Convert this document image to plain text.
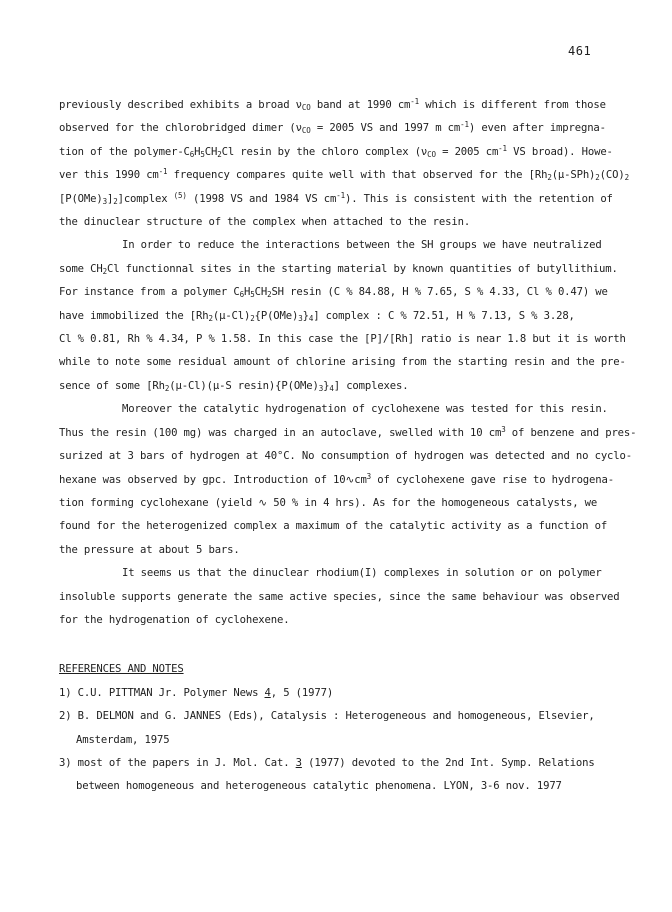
461

previously described exhibits a broad $\nu_{CO}$ band at 1990 $cm^{-1}$ which is different from those

observed for the chlorobridged dimer ($\nu_{CO} = 2005$ VS and 1997 m $cm^{-1}$) even after impregna-

tion of the polymer-$C_6H_5CH_2Cl$ resin by the chloro complex ($\nu_{CO} = 2005$ $cm^{-1}$ VS broad). Howe-

ver this 1990 $cm^{-1}$ frequency compares quite well with that observed for the [$Rh_2(\mu-SPh)_2(CO)_2$

$[P(OMe)_3]_2]complex$ $^{(5)}$ (1998 VS and 1984 VS $cm^{-1}$). This is consistent with the retention of

the dinuclear structure of the complex when attached to the resin.

In order to reduce the interactions between the SH groups we have neutralized

some $CH_2Cl$ functionnal sites in the starting material by known quantities of butyllithium.

For instance from a polymer $C_6H_5CH_2SH$ resin (C % 84.88, H % 7.65, S % 4.33, Cl % 0.47) we

have immobilized the $[Rh_2(\mu-Cl)_2\{P(OMe)_3\}_4]$ complex : C % 72.51, H % 7.13, S % 3.28,

Cl % 0.81, Rh % 4.34, P % 1.58. In this case the [P]/[Rh] ratio is near 1.8 but it is worth

while to note some residual amount of chlorine arising from the starting resin and the pre-

sence of some [$Rh_2(\mu-Cl)(\mu-S$ $resin)\{P(OMe)_3\}_4$] complexes.

Moreover the catalytic hydrogenation of cyclohexene was tested for this resin.

Thus the resin (100 mg) was charged in an autoclave, swelled with 10 $cm^3$ of benzene and pres-

surized at 3 bars of hydrogen at 40°C. No consumption of hydrogen was detected and no cyclo-

hexane was observed by gpc. Introduction of $10∿cm^3$ of cyclohexene gave rise to hydrogena-

tion forming cyclohexane (yield ∿ 50 % in 4 hrs). As for the homogeneous catalysts, we

found for the heterogenized complex a maximum of the catalytic activity as a function of

the pressure at about 5 bars.

It seems us that the dinuclear rhodium(I) complexes in solution or on polymer

insoluble supports generate the same active species, since the same behaviour was observed

for the hydrogenation of cyclohexene.

REFERENCES AND NOTES

1) C.U. PITTMAN Jr. Polymer News 4, 5 (1977)

2) B. DELMON and G. JANNES (Eds), Catalysis : Heterogeneous and homogeneous, Elsevier,

Amsterdam, 1975

3) most of the papers in J. Mol. Cat. 3 (1977) devoted to the 2nd Int. Symp. Relations

between homogeneous and heterogeneous catalytic phenomena. LYON, 3-6 nov. 1977
